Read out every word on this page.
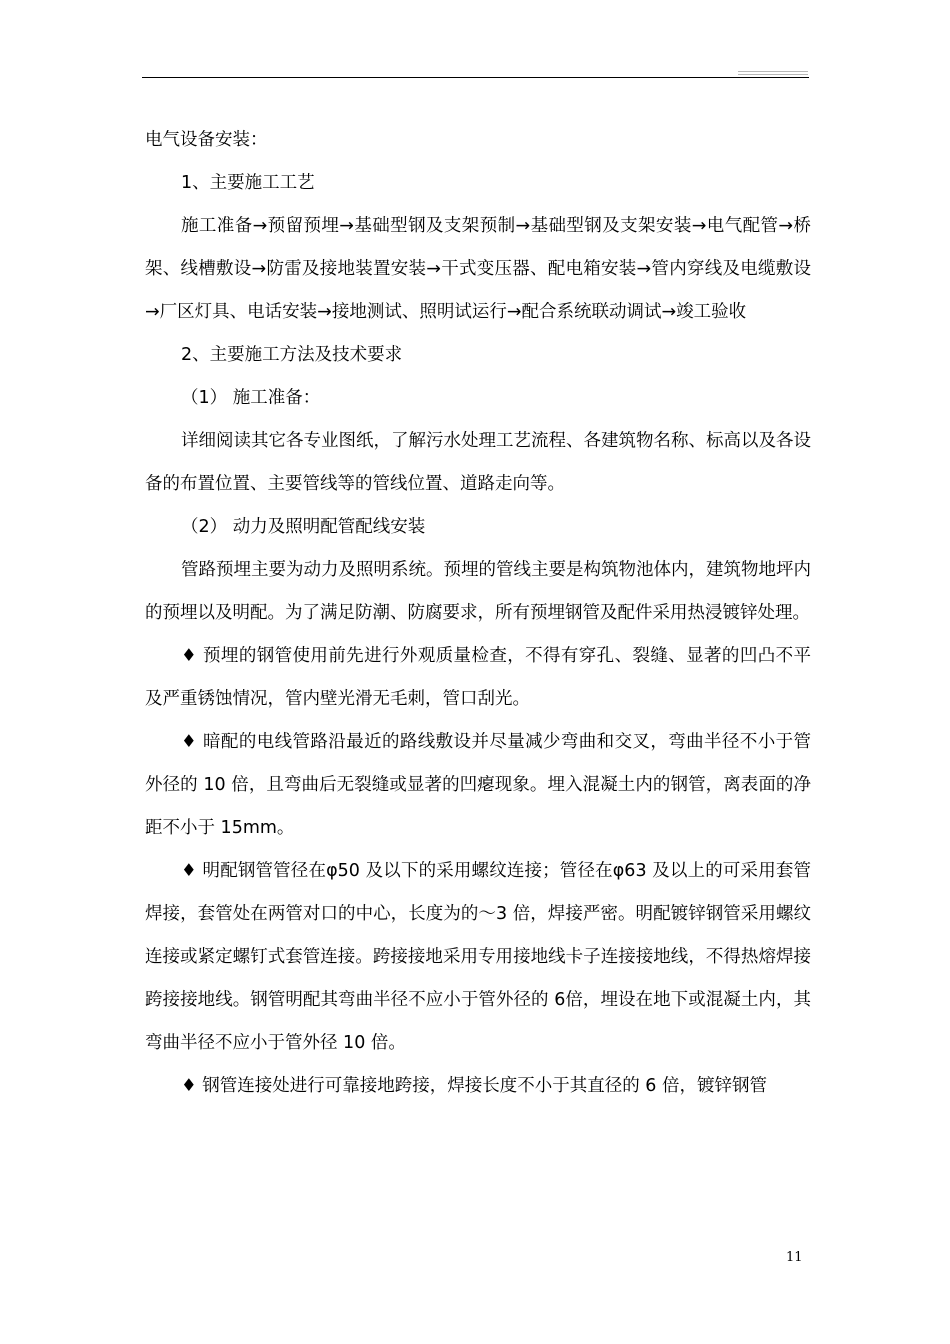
电气设备安装：

1、主要施工工艺

施工准备→预留预埋→基础型钢及支架预制→基础型钢及支架安装→电气配管→桥架、线槽敷设→防雷及接地装置安装→干式变压器、配电箱安装→管内穿线及电缆敷设→厂区灯具、电话安装→接地测试、照明试运行→配合系统联动调试→竣工验收

2、主要施工方法及技术要求

（1） 施工准备：

详细阅读其它各专业图纸，了解污水处理工艺流程、各建筑物名称、标高以及各设备的布置位置、主要管线等的管线位置、道路走向等。

（2） 动力及照明配管配线安装

管路预埋主要为动力及照明系统。预埋的管线主要是构筑物池体内，建筑物地坪内的预埋以及明配。为了满足防潮、防腐要求，所有预埋钢管及配件采用热浸镀锌处理。

♦ 预埋的钢管使用前先进行外观质量检查，不得有穿孔、裂缝、显著的凹凸不平及严重锈蚀情况，管内壁光滑无毛刺，管口刮光。

♦ 暗配的电线管路沿最近的路线敷设并尽量减少弯曲和交叉，弯曲半径不小于管外径的 10 倍，且弯曲后无裂缝或显著的凹瘪现象。埋入混凝土内的钢管，离表面的净距不小于 15mm。

♦ 明配钢管管径在φ50 及以下的采用螺纹连接；管径在φ63 及以上的可采用套管焊接，套管处在两管对口的中心，长度为的～3 倍，焊接严密。明配镀锌钢管采用螺纹连接或紧定螺钉式套管连接。跨接接地采用专用接地线卡子连接接地线，不得热熔焊接跨接接地线。钢管明配其弯曲半径不应小于管外径的 6倍，埋设在地下或混凝土内，其弯曲半径不应小于管外径 10 倍。

♦ 钢管连接处进行可靠接地跨接，焊接长度不小于其直径的 6 倍，镀锌钢管

11
